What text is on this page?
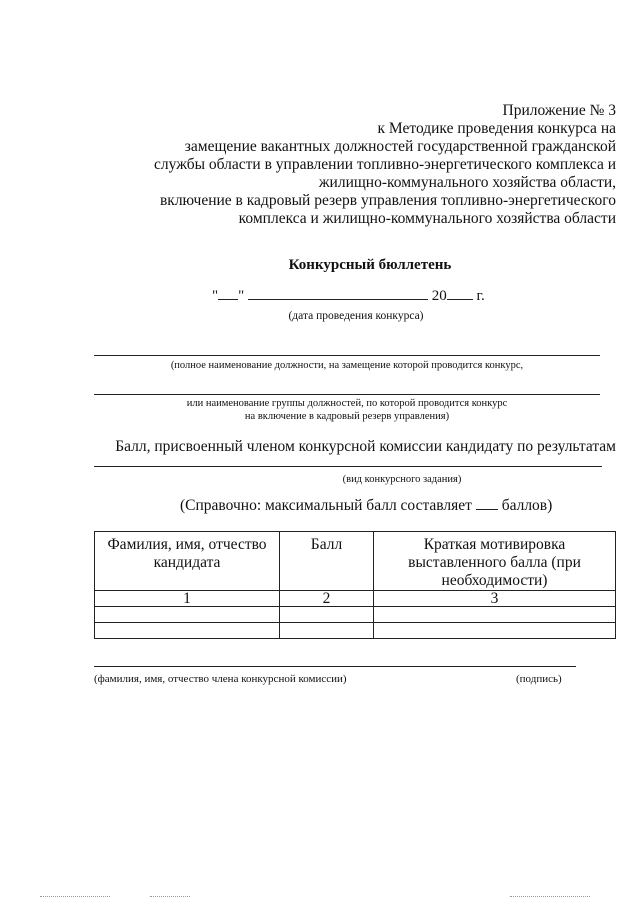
Приложение № 3
к Методике проведения конкурса на
замещение вакантных должностей государственной гражданской
службы области в управлении топливно-энергетического комплекса и
жилищно-коммунального хозяйства области,
включение в кадровый резерв управления топливно-энергетического
комплекса и жилищно-коммунального хозяйства области
Конкурсный бюллетень
" "	20 г.
(дата проведения конкурса)
(полное наименование должности, на замещение которой проводится конкурс,
или наименование группы должностей, по которой проводится конкурс
на включение в кадровый резерв управления)
Балл, присвоенный членом конкурсной комиссии кандидату по результатам
(вид конкурсного задания)
(Справочно: максимальный балл составляет баллов)
Фамилия, имя, отчество кандидата	Балл	Краткая мотивировка выставленного балла (при необходимости)
1	2	3

(фамилия, имя, отчество члена конкурсной комиссии)	(подпись)
